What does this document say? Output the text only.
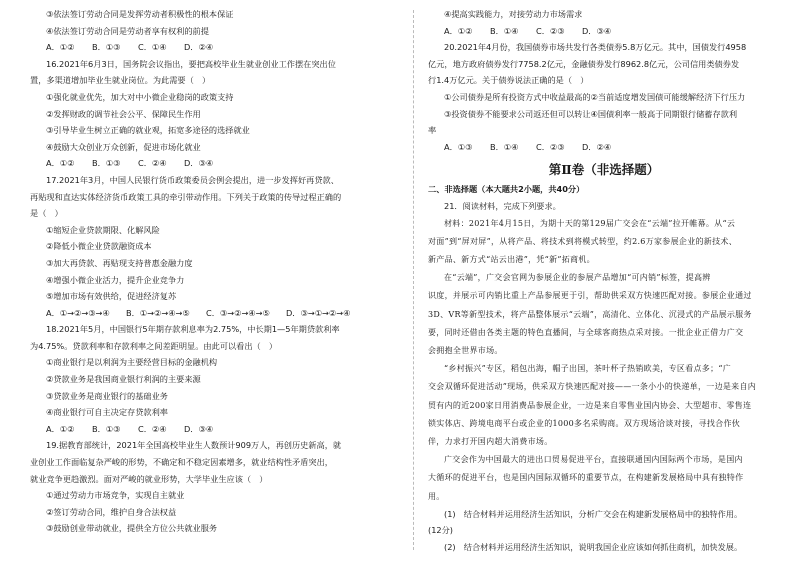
③依法签订劳动合同是发挥劳动者积极性的根本保证
④依法签订劳动合同是劳动者享有权利的前提
A．①② B．①③ C．①④ D．②④
16.2021年6月3日，国务院会议指出，要把高校毕业生就业创业工作摆在突出位
置，多渠道增加毕业生就业岗位。为此需要（　）
①强化就业优先，加大对中小微企业稳岗的政策支持
②发挥财政的调节社会公平、保障民生作用
③引导毕业生树立正确的就业观，拓宽多途径的选择就业
④鼓励大众创业万众创新，促进市场化就业
A．①② B．①③ C．②④ D．③④
17.2021年3月，中国人民银行货币政策委员会例会提出，进一步发挥好再贷款、
再贴现和直达实体经济货币政策工具的牵引带动作用。下列关于政策的传导过程正确的
是（　）
①缩短企业贷款期限、化解风险
②降低小微企业贷款融资成本
③加大再贷款、再贴现支持普惠金融力度
④增强小微企业活力，提升企业竞争力
⑤增加市场有效供给，促进经济复苏
A．①→②→③→④ B．①→②→④→⑤ C．③→②→④→⑤ D．③→①→②→④
18.2021年5月，中国银行5年期存款利息率为2.75%，中长期1—5年期贷款利率
为4.75%。贷款利率和存款利率之间差距明显。由此可以看出（　）
①商业银行是以利润为主要经营目标的金融机构
②贷款业务是我国商业银行利润的主要来源
③贷款业务是商业银行的基础业务
④商业银行可自主决定存贷款利率
A．①② B．①③ C．②④ D．③④
19.据教育部统计，2021年全国高校毕业生人数预计909万人，再创历史新高，就
业创业工作面临复杂严峻的形势，不确定和不稳定因素增多，就业结构性矛盾突出，
就业竞争更趋激烈。面对严峻的就业形势，大学毕业生应该（　）
①通过劳动力市场竞争，实现自主就业
②签订劳动合同，维护自身合法权益
③鼓励创业带动就业，提供全方位公共就业服务
④提高实践能力，对接劳动力市场需求
A．①② B．①④ C．②③ D．③④
20.2021年4月份，我国债券市场共发行各类债券5.8万亿元。其中，国债发行4958
亿元，地方政府债券发行7758.2亿元，金融债券发行8962.8亿元，公司信用类债券发
行1.4万亿元。关于债券说法正确的是（　）
①公司债券是所有投资方式中收益最高的②当前适度增发国债可能缓解经济下行压力
③投资债券不能要求公司返还但可以转让④国债利率一般高于同期银行储蓄存款利
率
A．①③ B．①④ C．②③ D．②④
第Ⅱ卷（非选择题）
二、非选择题（本大题共2小题，共40分）
21．阅读材料，完成下列要求。
材料：2021年4月15日，为期十天的第129届广交会在“云端”拉开帷幕。从“云
对面”到“屏对屏”，从将产品、将技术到将模式转型，约2.6万家参展企业的新技术、
新产品、新方式“站云出港”，凭“新”拓商机。
在“云端”，广交会官网为参展企业的参展产品增加“可内销”标签，提高辨
识度，并展示可内销比重上产品参展更于引，帮助供采双方快速匹配对接。参展企业通过
3D、VR等新型技术，将产品整体展示“云端”，高清化、立体化、沉浸式的产品展示服务
要，同时还借由各类主题的特色直播间，与全球客商热点采对接。一批企业正借力广交
会拥抱全世界市场。
“乡村振兴”专区，稻包出海，帽子出国，茶叶杯子热销欧美，专区看点多；“广
交会双循环促进活动”现场，供采双方快速匹配对接——一条小小的快递单，一边是来自内
贸有内的近200家日用消费品参展企业，一边是来自零售业国内协会、大型超市、零售连
锁实体店、跨境电商平台或企业的1000多名采购商。双方现场洽谈对接，寻找合作伙
伴，力求打开国内超大消费市场。
广交会作为中国最大的进出口贸易促进平台，直接联通国内国际两个市场，是国内
大循环的促进平台，也是国内国际双循环的重要节点，在构建新发展格局中具有独特作
用。
(1)　结合材料并运用经济生活知识，分析广交会在构建新发展格局中的独特作用。
(12分)
(2)　结合材料并运用经济生活知识，说明我国企业应该如何抓住商机，加快发展。
